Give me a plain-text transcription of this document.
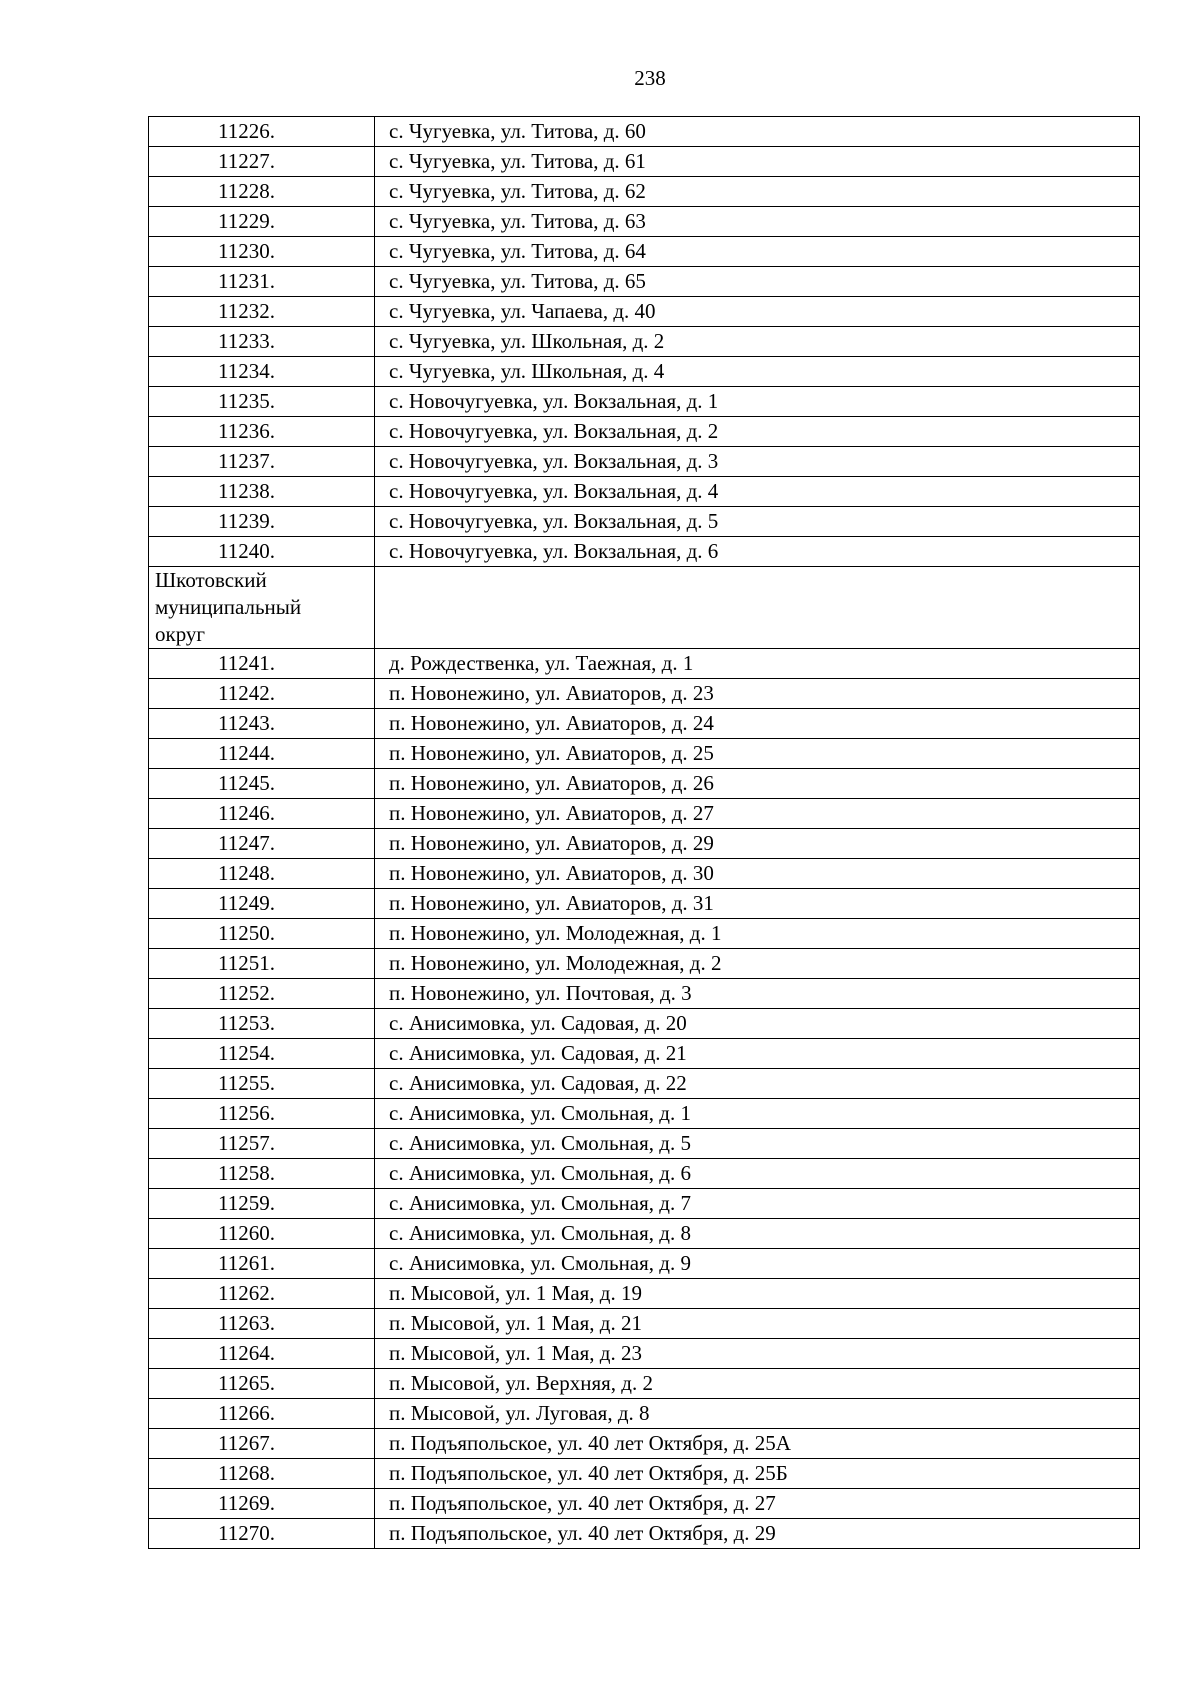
238
11226.	с. Чугуевка, ул. Титова, д. 60
11227.	с. Чугуевка, ул. Титова, д. 61
11228.	с. Чугуевка, ул. Титова, д. 62
11229.	с. Чугуевка, ул. Титова, д. 63
11230.	с. Чугуевка, ул. Титова, д. 64
11231.	с. Чугуевка, ул. Титова, д. 65
11232.	с. Чугуевка, ул. Чапаева, д. 40
11233.	с. Чугуевка, ул. Школьная, д. 2
11234.	с. Чугуевка, ул. Школьная, д. 4
11235.	с. Новочугуевка, ул. Вокзальная, д. 1
11236.	с. Новочугуевка, ул. Вокзальная, д. 2
11237.	с. Новочугуевка, ул. Вокзальная, д. 3
11238.	с. Новочугуевка, ул. Вокзальная, д. 4
11239.	с. Новочугуевка, ул. Вокзальная, д. 5
11240.	с. Новочугуевка, ул. Вокзальная, д. 6

Шкотовский муниципальный округ	

11241.	д. Рождественка, ул. Таежная, д. 1
11242.	п. Новонежино, ул. Авиаторов, д. 23
11243.	п. Новонежино, ул. Авиаторов, д. 24
11244.	п. Новонежино, ул. Авиаторов, д. 25
11245.	п. Новонежино, ул. Авиаторов, д. 26
11246.	п. Новонежино, ул. Авиаторов, д. 27
11247.	п. Новонежино, ул. Авиаторов, д. 29
11248.	п. Новонежино, ул. Авиаторов, д. 30
11249.	п. Новонежино, ул. Авиаторов, д. 31
11250.	п. Новонежино, ул. Молодежная, д. 1
11251.	п. Новонежино, ул. Молодежная, д. 2
11252.	п. Новонежино, ул. Почтовая, д. 3
11253.	с. Анисимовка, ул. Садовая, д. 20
11254.	с. Анисимовка, ул. Садовая, д. 21
11255.	с. Анисимовка, ул. Садовая, д. 22
11256.	с. Анисимовка, ул. Смольная, д. 1
11257.	с. Анисимовка, ул. Смольная, д. 5
11258.	с. Анисимовка, ул. Смольная, д. 6
11259.	с. Анисимовка, ул. Смольная, д. 7
11260.	с. Анисимовка, ул. Смольная, д. 8
11261.	с. Анисимовка, ул. Смольная, д. 9
11262.	п. Мысовой, ул. 1 Мая, д. 19
11263.	п. Мысовой, ул. 1 Мая, д. 21
11264.	п. Мысовой, ул. 1 Мая, д. 23
11265.	п. Мысовой, ул. Верхняя, д. 2
11266.	п. Мысовой, ул. Луговая, д. 8
11267.	п. Подъяпольское, ул. 40 лет Октября, д. 25А
11268.	п. Подъяпольское, ул. 40 лет Октября, д. 25Б
11269.	п. Подъяпольское, ул. 40 лет Октября, д. 27
11270.	п. Подъяпольское, ул. 40 лет Октября, д. 29
